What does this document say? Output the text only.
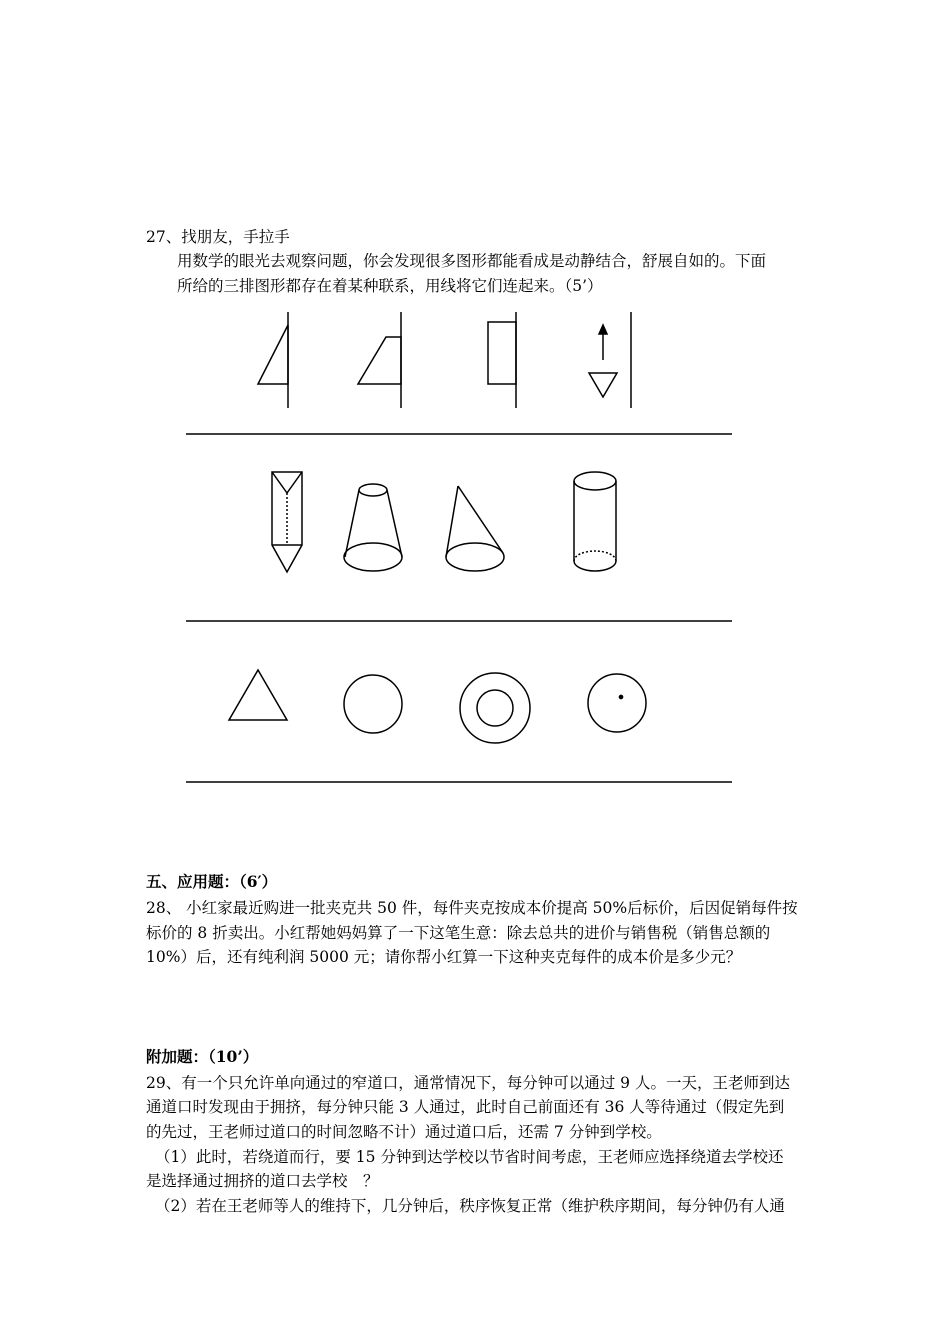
27、找朋友，手拉手
用数学的眼光去观察问题，你会发现很多图形都能看成是动静结合，舒展自如的。下面
所给的三排图形都存在着某种联系，用线将它们连起来。（5’）
五、应用题：（6′）
28、 小红家最近购进一批夹克共 50 件，每件夹克按成本价提高 50%后标价，后因促销每件按
标价的 8 折卖出。小红帮她妈妈算了一下这笔生意：除去总共的进价与销售税（销售总额的
10%）后，还有纯利润 5000 元；请你帮小红算一下这种夹克每件的成本价是多少元？
附加题：（10’）
29、有一个只允许单向通过的窄道口，通常情况下，每分钟可以通过 9 人。一天，王老师到达
通道口时发现由于拥挤，每分钟只能 3 人通过，此时自己前面还有 36 人等待通过（假定先到
的先过，王老师过道口的时间忽略不计）通过道口后，还需 7 分钟到学校。
（1）此时，若绕道而行，要 15 分钟到达学校以节省时间考虑，王老师应选择绕道去学校还
是选择通过拥挤的道口去学校　？
（2）若在王老师等人的维持下，几分钟后，秩序恢复正常（维护秩序期间，每分钟仍有人通
